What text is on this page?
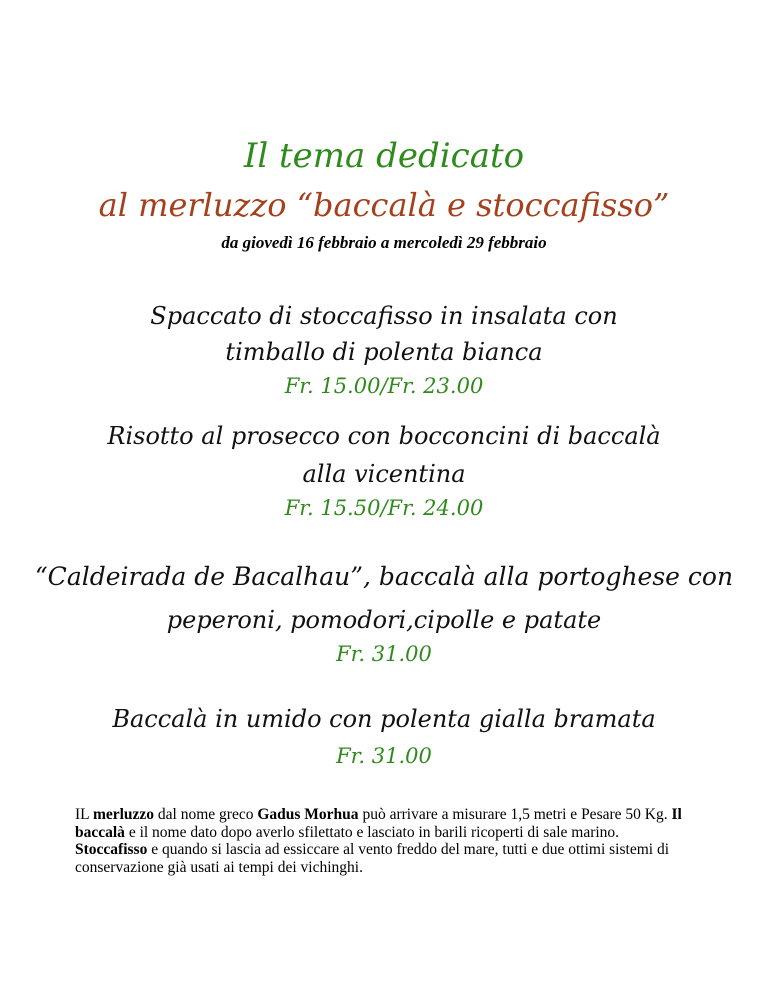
Il tema dedicato
al merluzzo “baccalà e stoccafisso”
da giovedì 16 febbraio a mercoledì 29 febbraio
Spaccato di stoccafisso in insalata con
timballo di polenta bianca
Fr. 15.00/Fr. 23.00
Risotto al prosecco con bocconcini di baccalà
alla vicentina
Fr. 15.50/Fr. 24.00
“Caldeirada de Bacalhau”, baccalà alla portoghese con
peperoni, pomodori,cipolle e patate
Fr. 31.00
Baccalà in umido con polenta gialla bramata
Fr. 31.00
IL merluzzo dal nome greco Gadus Morhua può arrivare a misurare 1,5 metri e Pesare 50 Kg. Il baccalà e il nome dato dopo averlo sfilettato e lasciato in barili ricoperti di sale marino.
Stoccafisso e quando si lascia ad essiccare al vento freddo del mare, tutti e due ottimi sistemi di conservazione già usati ai tempi dei vichinghi.
